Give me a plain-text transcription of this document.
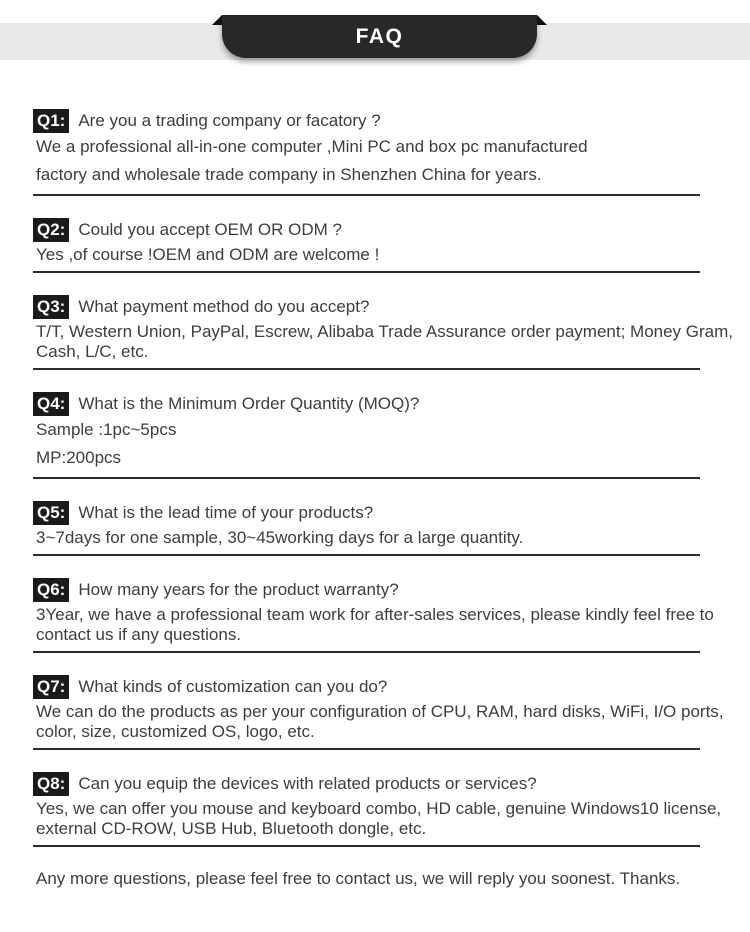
FAQ
Q1: Are you a trading company or facatory ?

We a professional all-in-one computer ,Mini PC and box pc manufactured

factory and wholesale trade company in Shenzhen China for years.

Q2: Could you accept OEM OR ODM ?

Yes ,of course !OEM and ODM are welcome !

Q3: What payment method do you accept?

T/T, Western Union, PayPal, Escrew, Alibaba Trade Assurance order payment; Money Gram,

Cash, L/C, etc.

Q4: What is the Minimum Order Quantity (MOQ)?

Sample :1pc~5pcs

MP:200pcs

Q5: What is the lead time of your products?

3~7days for one sample, 30~45working days for a large quantity.

Q6: How many years for the product warranty?

3Year, we have a professional team work for after-sales services, please kindly feel free to

contact us if any questions.

Q7: What kinds of customization can you do?

We can do the products as per your configuration of CPU, RAM, hard disks, WiFi, I/O ports,

color, size, customized OS, logo, etc.

Q8: Can you equip the devices with related products or services?

Yes, we can offer you mouse and keyboard combo, HD cable, genuine Windows10 license,

external CD-ROW, USB Hub, Bluetooth dongle, etc.

Any more questions, please feel free to contact us, we will reply you soonest. Thanks.
